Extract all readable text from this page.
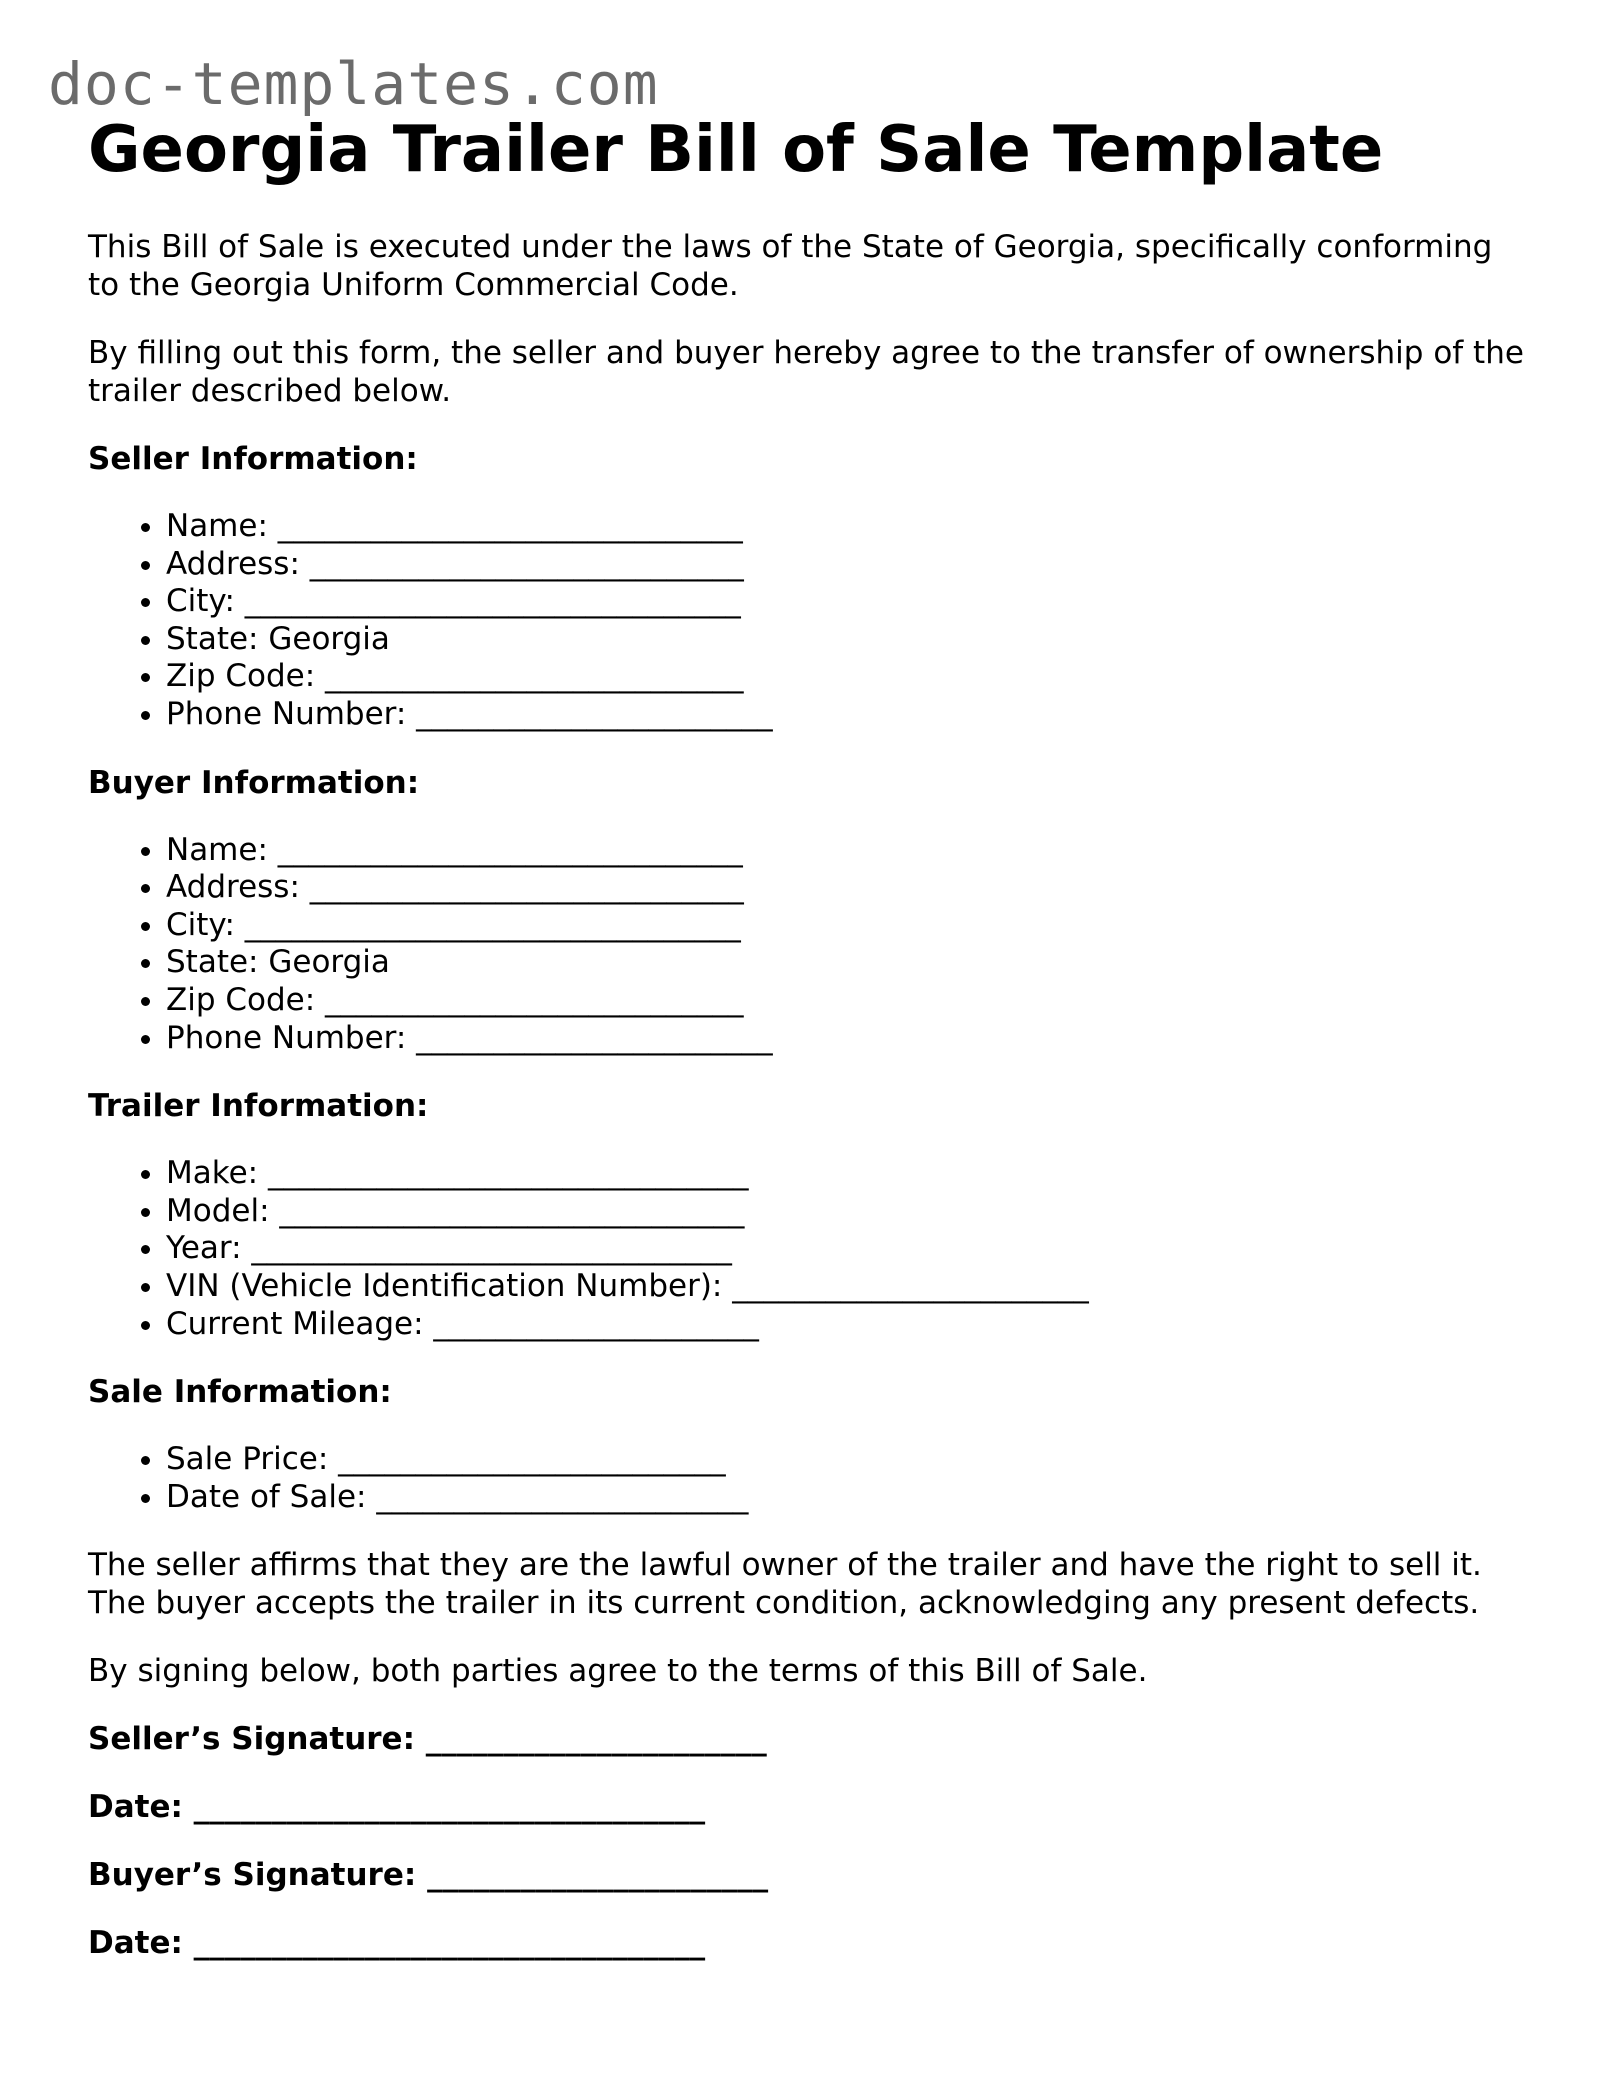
doc-templates.com
Georgia Trailer Bill of Sale Template

This Bill of Sale is executed under the laws of the State of Georgia, specifically conforming to the Georgia Uniform Commercial Code.

By filling out this form, the seller and buyer hereby agree to the transfer of ownership of the trailer described below.

Seller Information:
• Name: ______________________________
• Address: ____________________________
• City: ________________________________
• State: Georgia
• Zip Code: ___________________________
• Phone Number: _______________________
Buyer Information:
• Name: ______________________________
• Address: ____________________________
• City: ________________________________
• State: Georgia
• Zip Code: ___________________________
• Phone Number: _______________________
Trailer Information:
• Make: _______________________________
• Model: ______________________________
• Year: _______________________________
• VIN (Vehicle Identification Number): _______________________
• Current Mileage: _____________________
Sale Information:
• Sale Price: _________________________
• Date of Sale: ________________________

The seller affirms that they are the lawful owner of the trailer and have the right to sell it. The buyer accepts the trailer in its current condition, acknowledging any present defects.

By signing below, both parties agree to the terms of this Bill of Sale.

Seller’s Signature: ______________________
Date: _________________________________
Buyer’s Signature: ______________________
Date: _________________________________
